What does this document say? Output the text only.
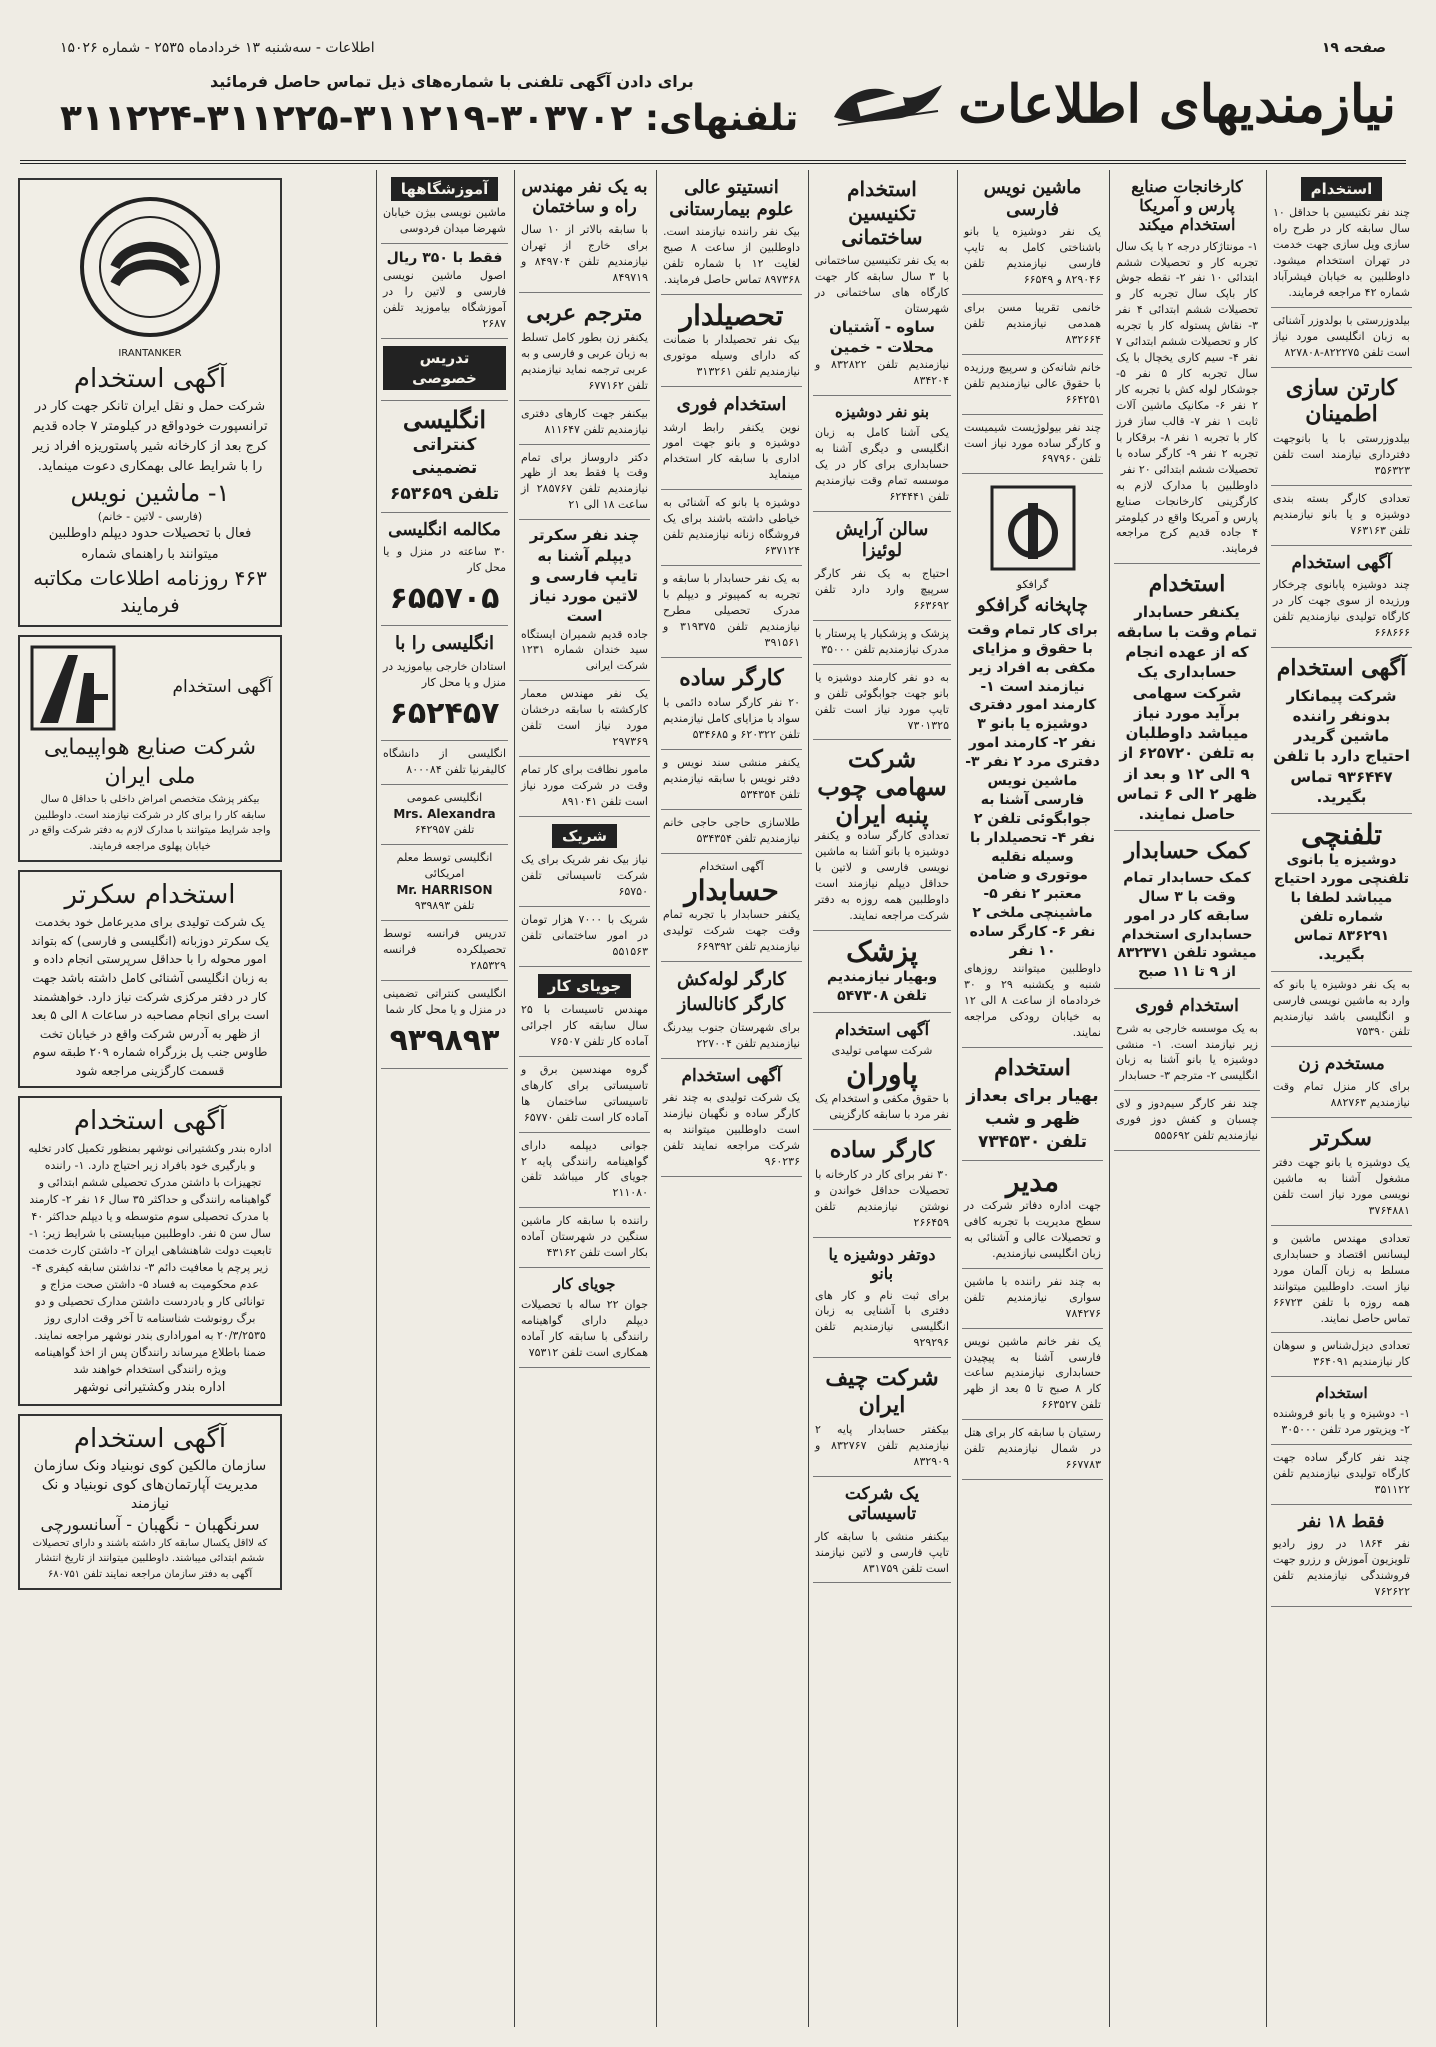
صفحه ۱۹
اطلاعات - سه‌شنبه ۱۳ خردادماه ۲۵۳۵ - شماره ۱۵۰۲۶
نیازمندیهای اطلاعات
برای دادن آگهی تلفنی با شماره‌های ذیل تماس حاصل فرمائید
تلفنهای: ۳۰۳۷۰۲-۳۱۱۲۱۹-۳۱۱۲۲۵-۳۱۱۲۲۴
استخدام
چند نفر تکنیسین با حداقل ۱۰ سال سابقه کار در طرح راه سازی ویل سازی جهت خدمت در تهران استخدام میشود. داوطلبین به خیابان فیشرآباد شماره ۴۲ مراجعه فرمایند.
بیلدوزرستی با بولدوزر آشنائی به زبان انگلیسی مورد نیاز است تلفن ۸۲۲۲۷۵-۸۲۷۸۰۸
کارتن سازی اطمینان
بیلدوزرستی با یا بانوجهت دفترداری نیازمند است تلفن ۳۵۶۳۲۳
تعدادی کارگر بسته بندی دوشیزه و یا بانو نیازمندیم تلفن ۷۶۳۱۶۳
آگهی استخدام
چند دوشیزه پابانوی چرخکار ورزیده از سوی جهت کار در کارگاه تولیدی نیازمندیم تلفن ۶۶۸۶۶۶
آگهی استخدام
شرکت پیمانکار بدونفر راننده ماشین گریدر احتیاج دارد با تلفن ۹۳۶۴۴۷ تماس بگیرید.
تلفنچی
دوشیزه یا بانوی تلفنچی مورد احتیاج میباشد لطفا با شماره تلفن ۸۳۶۲۹۱ تماس بگیرید.
به یک نفر دوشیزه یا بانو که وارد به ماشین نویسی فارسی و انگلیسی باشد نیازمندیم تلفن ۷۵۳۹۰
مستخدم زن
برای کار منزل تمام وقت نیازمندیم ۸۸۲۷۶۳
سکرتر
یک دوشیزه یا بانو جهت دفتر مشغول آشنا به ماشین نویسی مورد نیاز است تلفن ۳۷۶۴۸۸۱
تعدادی مهندس ماشین و لیسانس اقتصاد و حسابداری مسلط به زبان آلمان مورد نیاز است. داوطلبین میتوانند همه روزه با تلفن ۶۶۷۲۳ تماس حاصل نمایند.
تعدادی دیزل‌شناس و سوهان کار نیازمندیم ۳۶۴۰۹۱
استخدام
۱- دوشیزه و یا بانو فروشنده ۲- ویزیتور مرد تلفن ۳۰۵۰۰۰
چند نفر کارگر ساده جهت کارگاه تولیدی نیازمندیم تلفن ۳۵۱۱۲۲
فقط ۱۸ نفر
نفر ۱۸۶۴ در روز رادیو تلویزیون آموزش و رزرو جهت فروشندگی نیازمندیم تلفن ۷۶۲۶۲۲
کارخانجات صنایع پارس و آمریکا استخدام میکند
۱- مونتاژکار درجه ۲ با یک سال تجربه کار و تحصیلات ششم ابتدائی ۱۰ نفر ۲- نقطه جوش کار باپک سال تجربه کار و تحصیلات ششم ابتدائی ۴ نفر ۳- نقاش پستوله کار با تجربه کار و تحصیلات ششم ابتدائی ۷ نفر ۴- سیم کاری یخچال با یک سال تجربه کار ۵ نفر ۵- جوشکار لوله کش با تجربه کار ۲ نفر ۶- مکانیک ماشین آلات ثابت ۱ نفر ۷- قالب ساز فرز کار با تجربه ۱ نفر ۸- برقکار با تجربه ۲ نفر ۹- کارگر ساده با تحصیلات ششم ابتدائی ۲۰ نفر
داوطلبین با مدارک لازم به کارگزینی کارخانجات صنایع پارس و آمریکا واقع در کیلومتر ۴ جاده قدیم کرج مراجعه فرمایند.
استخدام
یکنفر حسابدار تمام وقت با سابقه که از عهده انجام حسابداری یک شرکت سهامی برآید مورد نیاز میباشد داوطلبان به تلفن ۶۲۵۷۲۰ از ۹ الی ۱۲ و بعد از ظهر ۲ الی ۶ تماس حاصل نمایند.
کمک حسابدار
کمک حسابدار تمام وقت با ۳ سال سابقه کار در امور حسابداری استخدام میشود تلفن ۸۳۲۳۷۱ از ۹ تا ۱۱ صبح
استخدام فوری
به یک موسسه خارجی به شرح زیر نیازمند است. ۱- منشی دوشیزه یا بانو آشنا به زبان انگلیسی ۲- مترجم ۳- حسابدار
چند نفر کارگر سیم‌دوز و لای چسبان و کفش دوز فوری نیازمندیم تلفن ۵۵۵۶۹۲
ماشین نویس فارسی
یک نفر دوشیزه یا بانو باشناختی کامل به تایپ فارسی نیازمندیم تلفن ۸۲۹۰۴۶ و ۶۶۵۴۹
خانمی تقریبا مسن برای همدمی نیازمندیم تلفن ۸۳۲۶۶۴
خانم شانه‌کن و سرپیچ ورزیده با حقوق عالی نیازمندیم تلفن ۶۶۴۲۵۱
چند نفر بیولوژیست شیمیست و کارگر ساده مورد نیاز است تلفن ۶۹۷۹۶۰
گرافکو
چاپخانه گرافکو
برای کار تمام وقت با حقوق و مزایای مکفی به افراد زیر نیازمند است ۱- کارمند امور دفتری دوشیزه یا بانو ۳ نفر ۲- کارمند امور دفتری مرد ۲ نفر ۳- ماشین نویس فارسی آشنا به جوابگوئی تلفن ۲ نفر ۴- تحصیلدار با وسیله نقلیه موتوری و ضامن معتبر ۲ نفر ۵- ماشینچی ملخی ۲ نفر ۶- کارگر ساده ۱۰ نفر
داوطلبین میتوانند روزهای شنبه و یکشنبه ۲۹ و ۳۰ خردادماه از ساعت ۸ الی ۱۲ به خیابان رودکی مراجعه نمایند.
استخدام
بهیار برای بعداز ظهر و شب تلفن ۷۳۴۵۳۰
مدیر
جهت اداره دفاتر شرکت در سطح مدیریت با تجربه کافی و تحصیلات عالی و آشنائی به زبان انگلیسی نیازمندیم.
به چند نفر راننده با ماشین سواری نیازمندیم تلفن ۷۸۴۲۷۶
یک نفر خانم ماشین نویس فارسی آشنا به پیچیدن حسابداری نیازمندیم ساعت کار ۸ صبح تا ۵ بعد از ظهر تلفن ۶۶۳۵۲۷
رستیان با سابقه کار برای هتل در شمال نیازمندیم تلفن ۶۶۷۷۸۳
استخدام تکنیسین ساختمانی
به یک نفر تکنیسین ساختمانی با ۳ سال سابقه کار جهت کارگاه های ساختمانی در شهرستان
ساوه - آشتیان محلات - خمین
نیازمندیم تلفن ۸۳۲۸۲۲ و ۸۳۴۲۰۴
بنو نفر دوشیزه
یکی آشنا کامل به زبان انگلیسی و دیگری آشنا به حسابداری برای کار در یک موسسه تمام وقت نیازمندیم تلفن ۶۲۴۴۴۱
سالن آرایش لوئیزا
احتیاج به یک نفر کارگر سرپیچ وارد دارد تلفن ۶۶۳۶۹۲
پزشک و پزشکیار یا پرستار با مدرک نیازمندیم تلفن ۳۵۰۰۰
به دو نفر کارمند دوشیزه یا بانو جهت جوابگوئی تلفن و تایپ مورد نیاز است تلفن ۷۳۰۱۳۲۵
شرکت سهامی چوب پنبه ایران
تعدادی کارگر ساده و یکنفر دوشیزه یا بانو آشنا به ماشین نویسی فارسی و لاتین با حداقل دیپلم نیازمند است داوطلبین همه روزه به دفتر شرکت مراجعه نمایند.
پزشک
وبهیار نیازمندیم تلفن ۵۴۷۳۰۸
آگهی استخدام
شرکت سهامی تولیدی
پاوران
با حقوق مکفی و استخدام یک نفر مرد با سابقه کارگزینی
کارگر ساده
۳۰ نفر برای کار در کارخانه با تحصیلات حداقل خواندن و نوشتن نیازمندیم تلفن ۲۶۶۴۵۹
دوتفر دوشیزه یا بانو
برای ثبت نام و کار های دفتری با آشنایی به زبان انگلیسی نیازمندیم تلفن ۹۲۹۲۹۶
شرکت چیف ایران
بیکفتر حسابدار پایه ۲ نیازمندیم تلفن ۸۳۲۷۶۷ و ۸۳۲۹۰۹
یک شرکت تاسیساتی
بیکنفر منشی با سابقه کار تایپ فارسی و لاتین نیازمند است تلفن ۸۳۱۷۵۹
انستیتو عالی علوم بیمارستانی
بیک نفر راننده نیازمند است. داوطلبین از ساعت ۸ صبح لغایت ۱۲ با شماره تلفن ۸۹۷۳۶۸ تماس حاصل فرمایند.
تحصیلدار
بیک نفر تحصیلدار با ضمانت که دارای وسیله موتوری نیازمندیم تلفن ۳۱۳۲۶۱
استخدام فوری
نوین یکنفر رابط ارشد دوشیزه و بانو جهت امور اداری با سابقه کار استخدام مینماید
دوشیزه یا بانو که آشنائی به خیاطی داشته باشند برای یک فروشگاه زنانه نیازمندیم تلفن ۶۳۷۱۲۴
به یک نفر حسابدار با سابقه و تجربه به کمپیوتر و دیپلم با مدرک تحصیلی مطرح نیازمندیم تلفن ۳۱۹۳۷۵ و ۳۹۱۵۶۱
کارگر ساده
۲۰ نفر کارگر ساده دائمی با سواد با مزایای کامل نیازمندیم تلفن ۶۲۰۳۲۲ و ۵۳۴۶۸۵
یکنفر منشی سند نویس و دفتر نویس با سابقه نیازمندیم تلفن ۵۳۴۳۵۴
طلاسازی حاجی حاجی خانم نیازمندیم تلفن ۵۳۴۳۵۴
آگهی استخدام
حسابدار
یکنفر حسابدار با تجربه تمام وقت جهت شرکت تولیدی نیازمندیم تلفن ۶۶۹۳۹۲
کارگر لوله‌کش
کارگر کانالساز
برای شهرستان جنوب بیدرنگ نیازمندیم تلفن ۲۲۷۰۰۴
آگهی استخدام
یک شرکت تولیدی به چند نفر کارگر ساده و نگهبان نیازمند است داوطلبین میتوانند به شرکت مراجعه نمایند تلفن ۹۶۰۲۳۶
به یک نفر مهندس راه و ساختمان
با سابقه بالاتر از ۱۰ سال برای خارج از تهران نیازمندیم تلفن ۸۴۹۷۰۴ و ۸۴۹۷۱۹
مترجم عربی
یکنفر زن بطور کامل تسلط به زبان عربی و فارسی و به عربی ترجمه نماید نیازمندیم تلفن ۶۷۷۱۶۲
بیکنفر جهت کارهای دفتری نیازمندیم تلفن ۸۱۱۶۴۷
دکتر داروساز برای تمام وقت یا فقط بعد از ظهر نیازمندیم تلفن ۲۸۵۷۶۷ از ساعت ۱۸ الی ۲۱
چند نفر سکرتر دیپلم آشنا به تایپ فارسی و لاتین مورد نیاز است
جاده قدیم شمیران ایستگاه سید خندان شماره ۱۲۳۱ شرکت ایرانی
یک نفر مهندس معمار کارکشته با سابقه درخشان مورد نیاز است تلفن ۲۹۷۳۶۹
مامور نظافت برای کار تمام وقت در شرکت مورد نیاز است تلفن ۸۹۱۰۴۱
شریک
نیاز بیک نفر شریک برای یک شرکت تاسیساتی تلفن ۶۵۷۵۰
شریک با ۷۰۰۰ هزار تومان در امور ساختمانی تلفن ۵۵۱۵۶۳
جویای کار
مهندس تاسیسات با ۲۵ سال سابقه کار اجرائی آماده کار تلفن ۷۶۵۰۷
گروه مهندسین برق و تاسیساتی برای کارهای تاسیساتی ساختمان ها آماده کار است تلفن ۶۵۷۷۰
جوانی دیپلمه دارای گواهینامه رانندگی پایه ۲ جویای کار میباشد تلفن ۲۱۱۰۸۰
راننده با سابقه کار ماشین سنگین در شهرستان آماده بکار است تلفن ۴۳۱۶۲
جویای کار
جوان ۲۲ ساله با تحصیلات دیپلم دارای گواهینامه رانندگی با سابقه کار آماده همکاری است تلفن ۷۵۳۱۲
آموزشگاهها
ماشین نویسی بیژن خیابان شهرضا میدان فردوسی
فقط با ۳۵۰ ریال
اصول ماشین نویسی فارسی و لاتین را در آموزشگاه بیاموزید تلفن ۲۶۸۷
تدریس خصوصی
انگلیسی
کنتراتی تضمینی
تلفن ۶۵۳۶۵۹
مکالمه انگلیسی
۳۰ ساعته در منزل و یا محل کار
۶۵۵۷۰۵
انگلیسی را با
استادان خارجی بیاموزید در منزل و یا محل کار
۶۵۲۴۵۷
انگلیسی از دانشگاه کالیفرنیا تلفن ۸۰۰۰۸۴
انگلیسی عمومی
Mrs. Alexandra
تلفن ۶۴۲۹۵۷
انگلیسی توسط معلم امریکائی
Mr. HARRISON
تلفن ۹۳۹۸۹۳
تدریس فرانسه توسط تحصیلکرده فرانسه ۲۸۵۳۲۹
انگلیسی کنتراتی تضمینی در منزل و یا محل کار شما
۹۳۹۸۹۳
IRANTANKER
آگهی استخدام
شرکت حمل و نقل ایران تانکر جهت کار در ترانسپورت خودواقع در کیلومتر ۷ جاده قدیم کرج بعد از کارخانه شیر پاستوریزه افراد زیر را با شرایط عالی بهمکاری دعوت مینماید.
۱- ماشین نویس
(فارسی - لاتین - خانم)
فعال با تحصیلات حدود دیپلم داوطلبین میتوانند با راهنمای شماره
۴۶۳ روزنامه اطلاعات مکاتبه فرمایند
آگهی استخدام
شرکت صنایع هواپیمایی ملی ایران
بیکفر پزشک متخصص امراض داخلی با حداقل ۵ سال سابقه کار را برای کار در شرکت نیازمند است. داوطلبین واجد شرایط میتوانند با مدارک لازم به دفتر شرکت واقع در خیابان پهلوی مراجعه فرمایند.
استخدام سکرتر
یک شرکت تولیدی برای مدیرعامل خود بخدمت یک سکرتر دوزبانه (انگلیسی و فارسی) که بتواند امور محوله را با حداقل سرپرستی انجام داده و به زبان انگلیسی آشنائی کامل داشته باشد جهت کار در دفتر مرکزی شرکت نیاز دارد. خواهشمند است برای انجام مصاحبه در ساعات ۸ الی ۵ بعد از ظهر به آدرس شرکت واقع در خیابان تخت طاوس جنب پل بزرگراه شماره ۲۰۹ طبقه سوم قسمت کارگزینی مراجعه شود
آگهی استخدام
اداره بندر وکشتیرانی نوشهر بمنظور تکمیل کادر تخلیه و بارگیری خود بافراد زیر احتیاج دارد. ۱- راننده تجهیزات با داشتن مدرک تحصیلی ششم ابتدائی و گواهینامه رانندگی و حداکثر ۳۵ سال ۱۶ نفر ۲- کارمند با مدرک تحصیلی سوم متوسطه و یا دیپلم حداکثر ۴۰ سال سن ۵ نفر. داوطلبین میبایستی با شرایط زیر: ۱- تابعیت دولت شاهنشاهی ایران ۲- داشتن کارت خدمت زیر پرچم یا معافیت دائم ۳- نداشتن سابقه کیفری ۴- عدم محکومیت به فساد ۵- داشتن صحت مزاج و توانائی کار و بادردست داشتن مدارک تحصیلی و دو برگ رونوشت شناسنامه تا آخر وقت اداری روز ۲۰/۳/۲۵۳۵ به اموراداری بندر نوشهر مراجعه نمایند. ضمنا باطلاع میرساند رانندگان پس از اخذ گواهینامه ویژه رانندگی استخدام خواهند شد
اداره بندر وکشتیرانی نوشهر
آگهی استخدام
سازمان مالکین کوی نوبنیاد ونک سازمان مدیریت آپارتمان‌های کوی نوبنیاد و نک نیازمند
سرنگهبان - نگهبان - آسانسورچی
که لااقل یکسال سابقه کار داشته باشند و دارای تحصیلات ششم ابتدائی میباشند. داوطلبین میتوانند از تاریخ انتشار آگهی به دفتر سازمان مراجعه نمایند تلفن ۶۸۰۷۵۱
